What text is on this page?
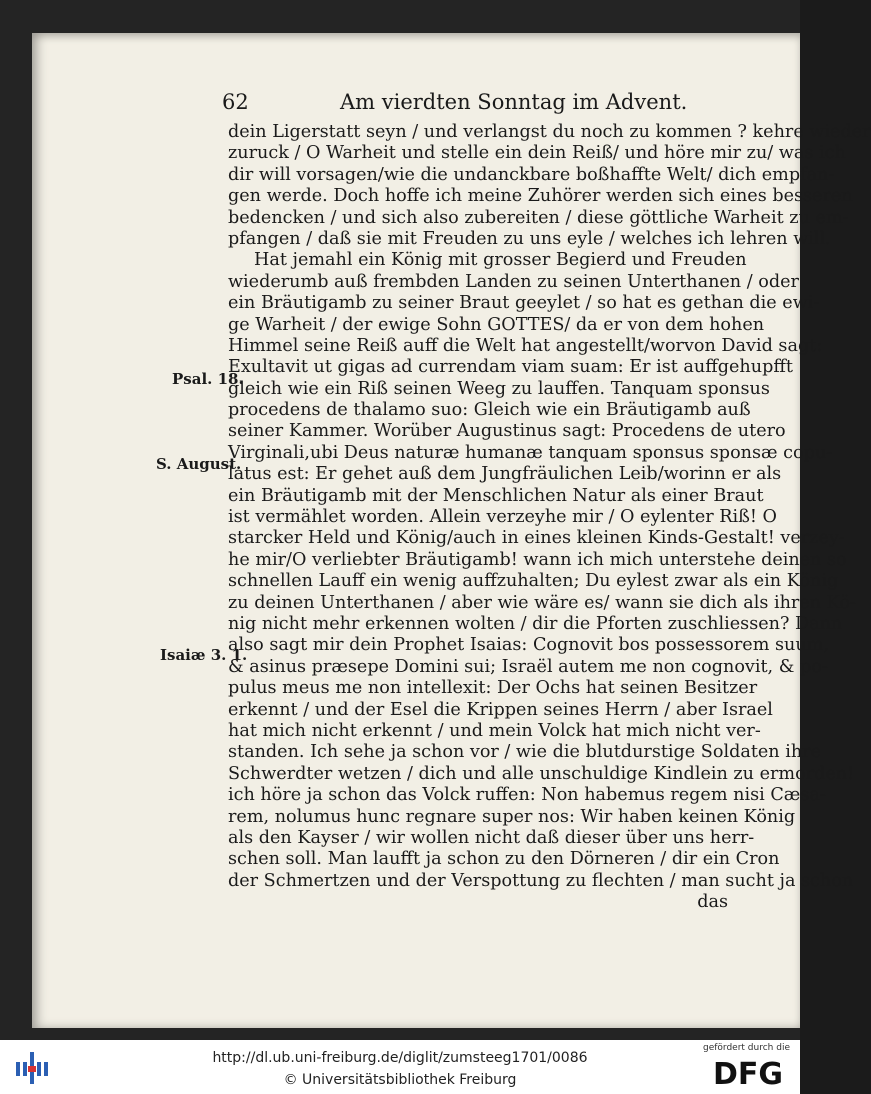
62	Am vierdten Sonntag im Advent.
Psal. 18.
S. August.
Isaiæ 3. 1.
dein Ligerstatt seyn / und verlangst du noch zu kommen ? kehre wieder
zuruck / O Warheit und stelle ein dein Reiß/ und höre mir zu/ was ich
dir will vorsagen/wie die undanckbare boßhaffte Welt/ dich empfan-
gen werde. Doch hoffe ich meine Zuhörer werden sich eines besseren
bedencken / und sich also zubereiten / diese göttliche Warheit zu em-
pfangen / daß sie mit Freuden zu uns eyle / welches ich lehren will.
Hat jemahl ein König mit grosser Begierd und Freuden
wiederumb auß frembden Landen zu seinen Unterthanen / oder
ein Bräutigamb zu seiner Braut geeylet / so hat es gethan die ewi-
ge Warheit / der ewige Sohn GOTTES/ da er von dem hohen
Himmel seine Reiß auff die Welt hat angestellt/worvon David sagt:
Exultavit ut gigas ad currendam viam suam: Er ist auffgehupfft
gleich wie ein Riß seinen Weeg zu lauffen. Tanquam sponsus
procedens de thalamo suo: Gleich wie ein Bräutigamb auß
seiner Kammer. Worüber Augustinus sagt: Procedens de utero
Virginali,ubi Deus naturæ humanæ tanquam sponsus sponsæ copu-
latus est: Er gehet auß dem Jungfräulichen Leib/worinn er als
ein Bräutigamb mit der Menschlichen Natur als einer Braut
ist vermählet worden. Allein verzeyhe mir / O eylenter Riß! O
starcker Held und König/auch in eines kleinen Kinds-Gestalt! verzey-
he mir/O verliebter Bräutigamb! wann ich mich unterstehe deinen so
schnellen Lauff ein wenig auffzuhalten; Du eylest zwar als ein König
zu deinen Unterthanen / aber wie wäre es/ wann sie dich als ihren Kö-
nig nicht mehr erkennen wolten / dir die Pforten zuschliessen? Dann
also sagt mir dein Prophet Isaias: Cognovit bos possessorem suum,
& asinus præsepe Domini sui; Israël autem me non cognovit, & po-
pulus meus me non intellexit: Der Ochs hat seinen Besitzer
erkennt / und der Esel die Krippen seines Herrn / aber Israel
hat mich nicht erkennt / und mein Volck hat mich nicht ver-
standen. Ich sehe ja schon vor / wie die blutdurstige Soldaten ihre
Schwerdter wetzen / dich und alle unschuldige Kindlein zu ermorden!
ich höre ja schon das Volck ruffen: Non habemus regem nisi Cæsa-
rem, nolumus hunc regnare super nos: Wir haben keinen König
als den Kayser / wir wollen nicht daß dieser über uns herr-
schen soll. Man laufft ja schon zu den Dörneren / dir ein Cron
der Schmertzen und der Verspottung zu flechten / man sucht ja schon
das
http://dl.ub.uni-freiburg.de/diglit/zumsteeg1701/0086
© Universitätsbibliothek Freiburg
gefördert durch die
DFG
